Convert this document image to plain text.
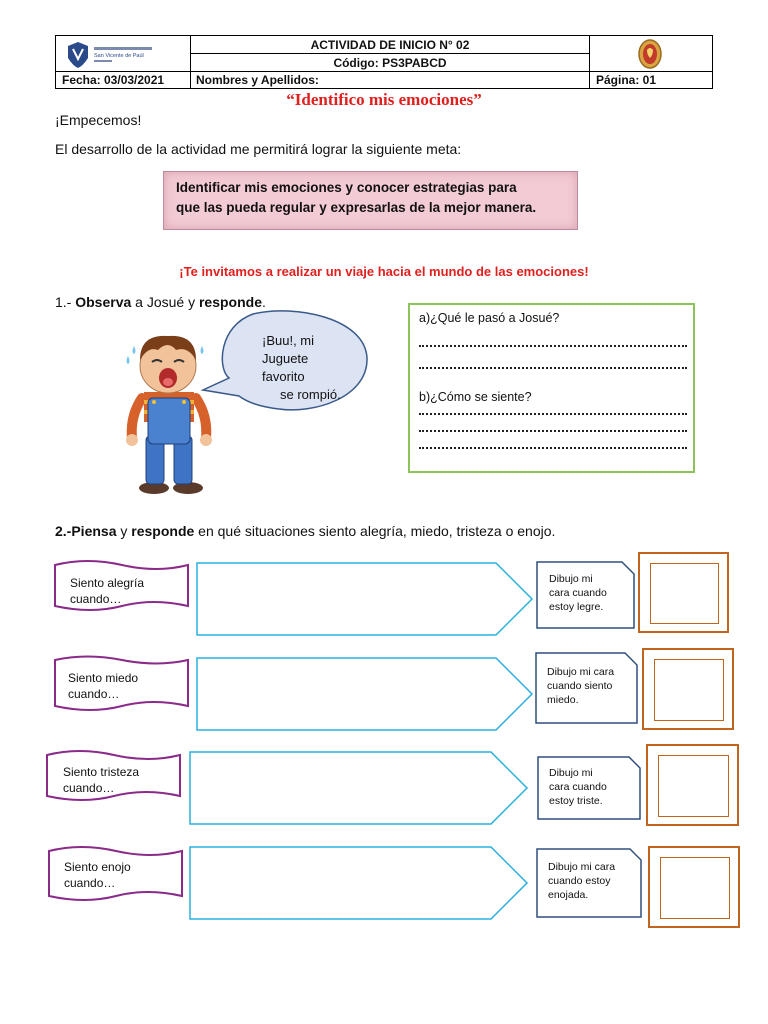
San Vicente de Paúl
ACTIVIDAD DE INICIO N° 02
Código: PS3PABCD
Fecha: 03/03/2021	Nombres y Apellidos:	Página: 01
“Identifico mis emociones”
¡Empecemos!
El desarrollo de la actividad me permitirá lograr la siguiente meta:
Identificar mis emociones y conocer estrategias para
que las pueda regular y expresarlas de la mejor manera.
¡Te invitamos a realizar un viaje hacia el mundo de las emociones!
1.- Observa a Josué y responde.
¡Buu!, mi
Juguete
favorito
se rompió.
a)¿Qué le pasó a Josué?
b)¿Cómo se siente?
2.-Piensa y responde en qué situaciones siento alegría, miedo, tristeza o enojo.
Siento alegría
cuando…
Dibujo mi
cara cuando
estoy legre.
Siento miedo
cuando…
Dibujo mi cara
cuando siento
miedo.
Siento tristeza
cuando…
Dibujo mi
cara cuando
estoy triste.
Siento enojo
cuando…
Dibujo mi cara
cuando estoy
enojada.
